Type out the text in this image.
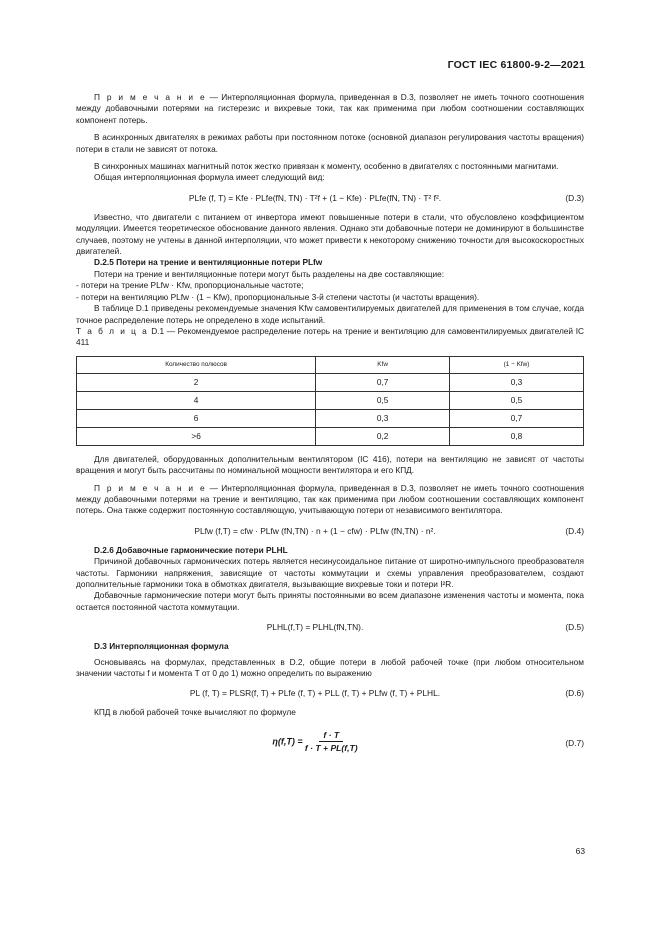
ГОСТ IEC 61800-9-2—2021

П р и м е ч а н и е — Интерполяционная формула, приведенная в D.3, позволяет не иметь точного соотношения между добавочными потерями на гистерезис и вихревые токи, так как применима при любом соотношении составляющих компонент потерь.

В асинхронных двигателях в режимах работы при постоянном потоке (основной диапазон регулирования частоты вращения) потери в стали не зависят от потока.

В синхронных машинах магнитный поток жестко привязан к моменту, особенно в двигателях с постоянными магнитами.

Общая интерполяционная формула имеет следующий вид:

PLfe (f, T) = Kfe · PLfe(fN, TN) · T²f + (1 − Kfe) · PLfe(fN, TN) · T² f².	(D.3)

Известно, что двигатели с питанием от инвертора имеют повышенные потери в стали, что обусловлено коэффициентом модуляции. Имеется теоретическое обоснование данного явления. Однако эти добавочные потери не доминируют в большинстве случаев, поэтому не учтены в данной интерполяции, что может привести к некоторому снижению точности для высокоскоростных двигателей.

D.2.5 Потери на трение и вентиляционные потери PLfw

Потери на трение и вентиляционные потери могут быть разделены на две составляющие:

- потери на трение PLfw · Kfw, пропорциональные частоте;

- потери на вентиляцию PLfw · (1 − Kfw), пропорциональные 3-й степени частоты (и частоты вращения).

В таблице D.1 приведены рекомендуемые значения Kfw самовентилируемых двигателей для применения в том случае, когда точное распределение потерь не определено в ходе испытаний.

Т а б л и ц а D.1 — Рекомендуемое распределение потерь на трение и вентиляцию для самовентилируемых двигателей IC 411

Количество полюсов	Kfw	(1 − Kfw)
2	0,7	0,3
4	0,5	0,5
6	0,3	0,7
>6	0,2	0,8

Для двигателей, оборудованных дополнительным вентилятором (IC 416), потери на вентиляцию не зависят от частоты вращения и могут быть рассчитаны по номинальной мощности вентилятора и его КПД.

П р и м е ч а н и е — Интерполяционная формула, приведенная в D.3, позволяет не иметь точного соотношения между добавочными потерями на трение и вентиляцию, так как применима при любом соотношении составляющих компонент потерь. Она также содержит постоянную составляющую, учитывающую потери от независимого вентилятора.

PLfw (f,T) = cfw · PLfw (fN,TN) · n + (1 − cfw) · PLfw (fN,TN) · n².	(D.4)

D.2.6 Добавочные гармонические потери PLHL

Причиной добавочных гармонических потерь является несинусоидальное питание от широтно-импульсного преобразователя частоты. Гармоники напряжения, зависящие от частоты коммутации и схемы управления преобразователем, создают дополнительные гармоники тока в обмотках двигателя, вызывающие вихревые токи и потери I²R.

Добавочные гармонические потери могут быть приняты постоянными во всем диапазоне изменения частоты и момента, пока остается постоянной частота коммутации.

PLHL(f,T) = PLHL(fN,TN).	(D.5)

D.3 Интерполяционная формула

Основываясь на формулах, представленных в D.2, общие потери в любой рабочей точке (при любом относительном значении частоты f и момента T от 0 до 1) можно определить по выражению

PL (f, T) = PLSR(f, T) + PLfe (f, T) + PLL (f, T) + PLfw (f, T) + PLHL.	(D.6)

КПД в любой рабочей точке вычисляют по формуле

$\eta(f,T) = \frac{f \cdot T}{f \cdot T + PL(f,T)}$	(D.7)
63
